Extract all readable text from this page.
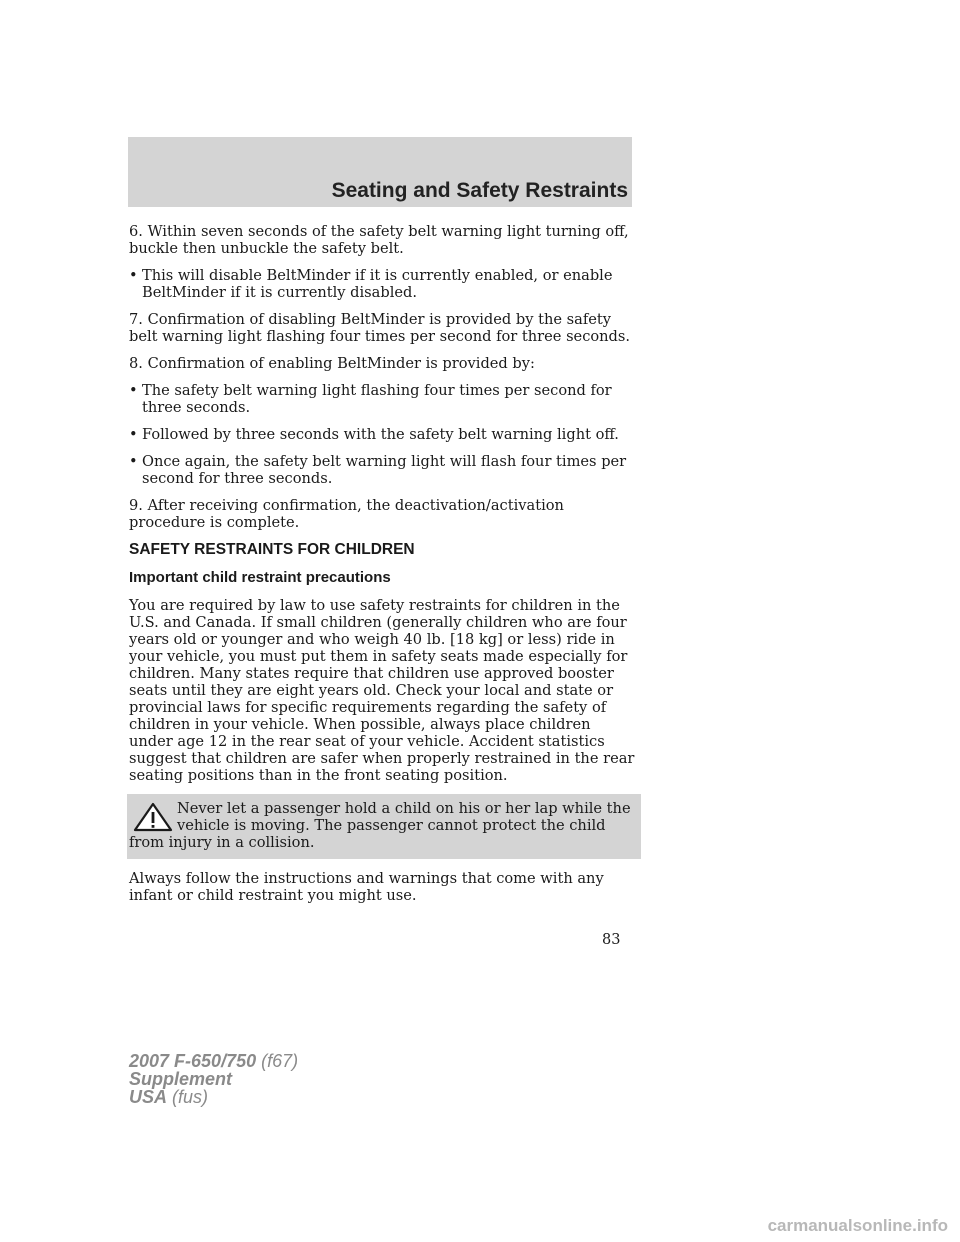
Seating and Safety Restraints

6. Within seven seconds of the safety belt warning light turning off, buckle then unbuckle the safety belt.

• This will disable BeltMinder if it is currently enabled, or enable BeltMinder if it is currently disabled.

7. Confirmation of disabling BeltMinder is provided by the safety belt warning light flashing four times per second for three seconds.

8. Confirmation of enabling BeltMinder is provided by:

• The safety belt warning light flashing four times per second for three seconds.
• Followed by three seconds with the safety belt warning light off.
• Once again, the safety belt warning light will flash four times per second for three seconds.

9. After receiving confirmation, the deactivation/activation procedure is complete.

SAFETY RESTRAINTS FOR CHILDREN
Important child restraint precautions

You are required by law to use safety restraints for children in the U.S. and Canada. If small children (generally children who are four years old or younger and who weigh 40 lb. [18 kg] or less) ride in your vehicle, you must put them in safety seats made especially for children. Many states require that children use approved booster seats until they are eight years old. Check your local and state or provincial laws for specific requirements regarding the safety of children in your vehicle. When possible, always place children under age 12 in the rear seat of your vehicle. Accident statistics suggest that children are safer when properly restrained in the rear seating positions than in the front seating position.

Never let a passenger hold a child on his or her lap while the vehicle is moving. The passenger cannot protect the child from injury in a collision.

Always follow the instructions and warnings that come with any infant or child restraint you might use.

83
2007 F-650/750 (f67)
Supplement
USA (fus)
carmanualsonline.info
